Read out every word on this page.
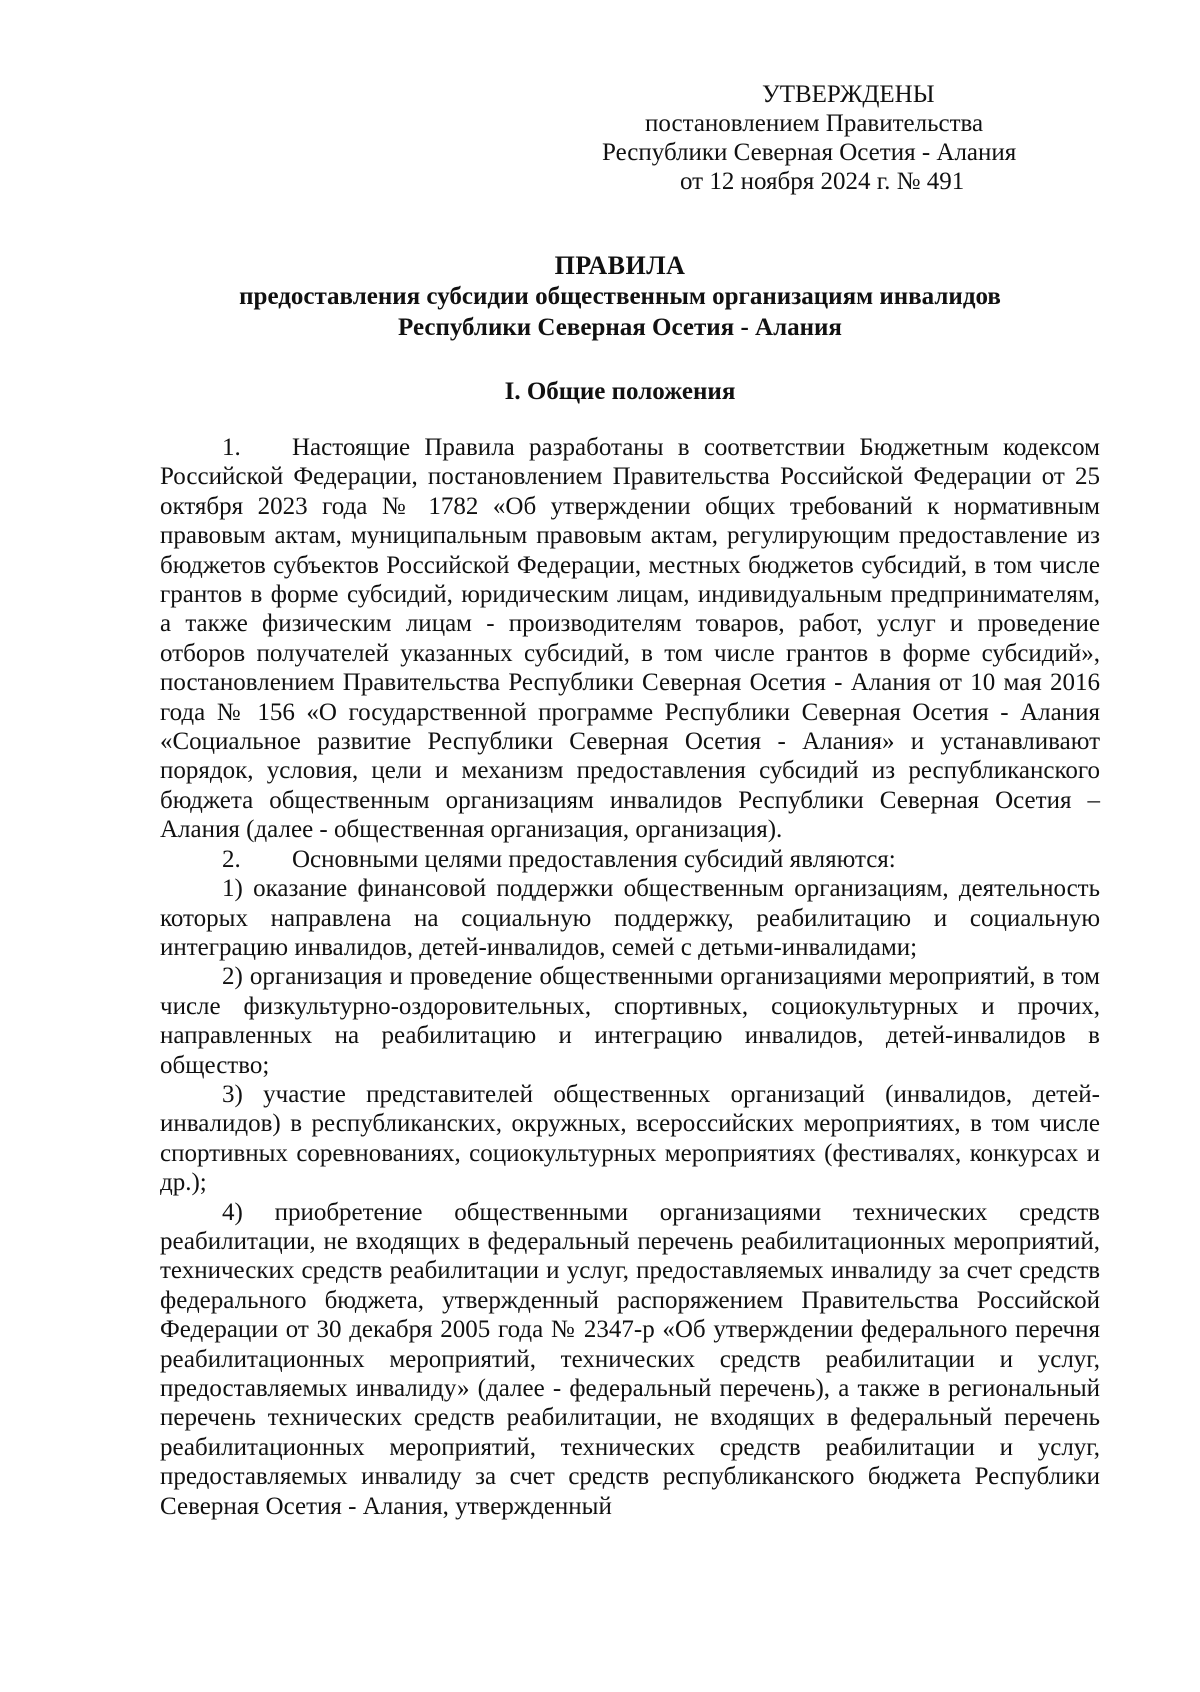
УТВЕРЖДЕНЫ
постановлением Правительства
Республики Северная Осетия - Алания
от 12 ноября 2024 г. № 491
ПРАВИЛА
предоставления субсидии общественным организациям инвалидов
Республики Северная Осетия - Алания
I. Общие положения

1. Настоящие Правила разработаны в соответствии Бюджетным кодексом Российской Федерации, постановлением Правительства Российской Федерации от 25 октября 2023 года № 1782 «Об утверждении общих требований к нормативным правовым актам, муниципальным правовым актам, регулирующим предоставление из бюджетов субъектов Российской Федерации, местных бюджетов субсидий, в том числе грантов в форме субсидий, юридическим лицам, индивидуальным предпринимателям, а также физическим лицам - производителям товаров, работ, услуг и проведение отборов получателей указанных субсидий, в том числе грантов в форме субсидий», постановлением Правительства Республики Северная Осетия - Алания от 10 мая 2016 года № 156 «О государственной программе Республики Северная Осетия - Алания «Социальное развитие Республики Северная Осетия - Алания» и устанавливают порядок, условия, цели и механизм предоставления субсидий из республиканского бюджета общественным организациям инвалидов Республики Северная Осетия – Алания (далее - общественная организация, организация).

2. Основными целями предоставления субсидий являются:

1) оказание финансовой поддержки общественным организациям, деятельность которых направлена на социальную поддержку, реабилитацию и социальную интеграцию инвалидов, детей-инвалидов, семей с детьми-инвалидами;

2) организация и проведение общественными организациями мероприятий, в том числе физкультурно-оздоровительных, спортивных, социокультурных и прочих, направленных на реабилитацию и интеграцию инвалидов, детей-инвалидов в общество;

3) участие представителей общественных организаций (инвалидов, детей-инвалидов) в республиканских, окружных, всероссийских мероприятиях, в том числе спортивных соревнованиях, социокультурных мероприятиях (фестивалях, конкурсах и др.);

4) приобретение общественными организациями технических средств реабилитации, не входящих в федеральный перечень реабилитационных мероприятий, технических средств реабилитации и услуг, предоставляемых инвалиду за счет средств федерального бюджета, утвержденный распоряжением Правительства Российской Федерации от 30 декабря 2005 года № 2347-р «Об утверждении федерального перечня реабилитационных мероприятий, технических средств реабилитации и услуг, предоставляемых инвалиду» (далее - федеральный перечень), а также в региональный перечень технических средств реабилитации, не входящих в федеральный перечень реабилитационных мероприятий, технических средств реабилитации и услуг, предоставляемых инвалиду за счет средств республиканского бюджета Республики Северная Осетия - Алания, утвержденный
